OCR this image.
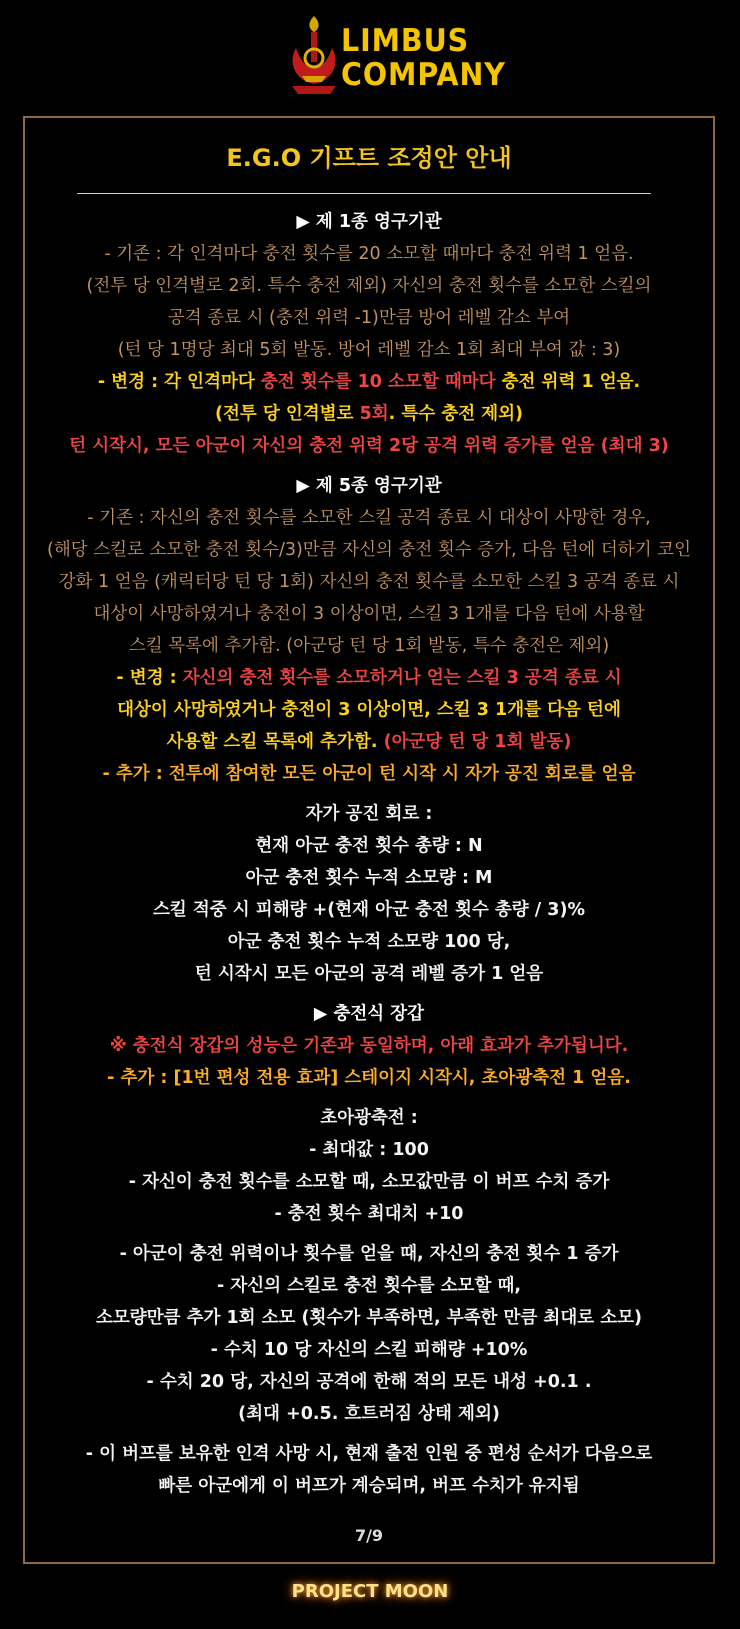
LIMBUS
COMPANY
E.G.O 기프트 조정안 안내
▶ 제 1종 영구기관
- 기존 : 각 인격마다 충전 횟수를 20 소모할 때마다 충전 위력 1 얻음.
(전투 당 인격별로 2회. 특수 충전 제외) 자신의 충전 횟수를 소모한 스킬의
공격 종료 시 (충전 위력 -1)만큼 방어 레벨 감소 부여
(턴 당 1명당 최대 5회 발동. 방어 레벨 감소 1회 최대 부여 값 : 3)
- 변경 : 각 인격마다 충전 횟수를 10 소모할 때마다 충전 위력 1 얻음.
(전투 당 인격별로 5회. 특수 충전 제외)
턴 시작시, 모든 아군이 자신의 충전 위력 2당 공격 위력 증가를 얻음 (최대 3)
▶ 제 5종 영구기관
- 기존 : 자신의 충전 횟수를 소모한 스킬 공격 종료 시 대상이 사망한 경우,
(해당 스킬로 소모한 충전 횟수/3)만큼 자신의 충전 횟수 증가, 다음 턴에 더하기 코인
강화 1 얻음 (캐릭터당 턴 당 1회) 자신의 충전 횟수를 소모한 스킬 3 공격 종료 시
대상이 사망하였거나 충전이 3 이상이면, 스킬 3 1개를 다음 턴에 사용할
스킬 목록에 추가함. (아군당 턴 당 1회 발동, 특수 충전은 제외)
- 변경 : 자신의 충전 횟수를 소모하거나 얻는 스킬 3 공격 종료 시
대상이 사망하였거나 충전이 3 이상이면, 스킬 3 1개를 다음 턴에
사용할 스킬 목록에 추가함. (아군당 턴 당 1회 발동)
- 추가 : 전투에 참여한 모든 아군이 턴 시작 시 자가 공진 회로를 얻음
자가 공진 회로 :
현재 아군 충전 횟수 총량 : N
아군 충전 횟수 누적 소모량 : M
스킬 적중 시 피해량 +(현재 아군 충전 횟수 총량 / 3)%
아군 충전 횟수 누적 소모량 100 당,
턴 시작시 모든 아군의 공격 레벨 증가 1 얻음
▶ 충전식 장갑
※ 충전식 장갑의 성능은 기존과 동일하며, 아래 효과가 추가됩니다.
- 추가 : [1번 편성 전용 효과] 스테이지 시작시, 초아광축전 1 얻음.
초아광축전 :
- 최대값 : 100
- 자신이 충전 횟수를 소모할 때, 소모값만큼 이 버프 수치 증가
- 충전 횟수 최대치 +10
- 아군이 충전 위력이나 횟수를 얻을 때, 자신의 충전 횟수 1 증가
- 자신의 스킬로 충전 횟수를 소모할 때,
소모량만큼 추가 1회 소모 (횟수가 부족하면, 부족한 만큼 최대로 소모)
- 수치 10 당 자신의 스킬 피해량 +10%
- 수치 20 당, 자신의 공격에 한해 적의 모든 내성 +0.1 .
(최대 +0.5. 흐트러짐 상태 제외)
- 이 버프를 보유한 인격 사망 시, 현재 출전 인원 중 편성 순서가 다음으로
빠른 아군에게 이 버프가 계승되며, 버프 수치가 유지됨
7/9
PROJECT MOON
